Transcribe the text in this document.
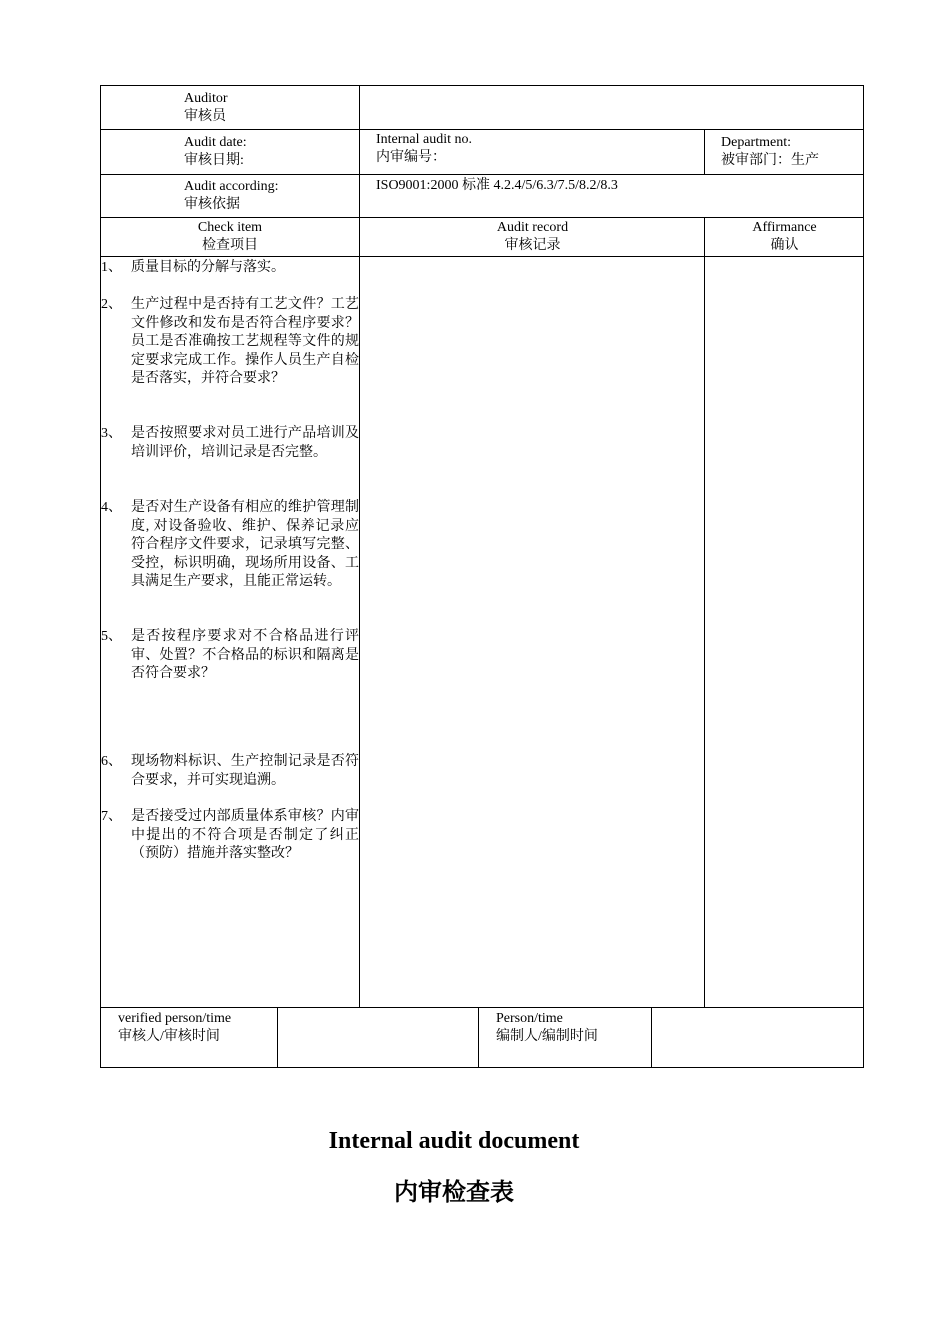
Auditor
审核员
Audit date:
审核日期:
Internal audit no.
内审编号：
Department:
被审部门：生产
Audit according:
审核依据
ISO9001:2000 标准 4.2.4/5/6.3/7.5/8.2/8.3
Check item
检查项目
Audit record
审核记录
Affirmance
确认
1、 质量目标的分解与落实。
2、 生产过程中是否持有工艺文件？工艺文件修改和发布是否符合程序要求？员工是否准确按工艺规程等文件的规定要求完成工作。操作人员生产自检是否落实，并符合要求？
3、 是否按照要求对员工进行产品培训及培训评价，培训记录是否完整。
4、 是否对生产设备有相应的维护管理制度, 对设备验收、维护、保养记录应符合程序文件要求，记录填写完整、受控，标识明确，现场所用设备、工具满足生产要求，且能正常运转。
5、 是否按程序要求对不合格品进行评审、处置？不合格品的标识和隔离是否符合要求？
6、 现场物料标识、生产控制记录是否符合要求，并可实现追溯。
7、 是否接受过内部质量体系审核？内审中提出的不符合项是否制定了纠正（预防）措施并落实整改？
verified person/time
审核人/审核时间
Person/time
编制人/编制时间
Internal audit document
内审检查表
